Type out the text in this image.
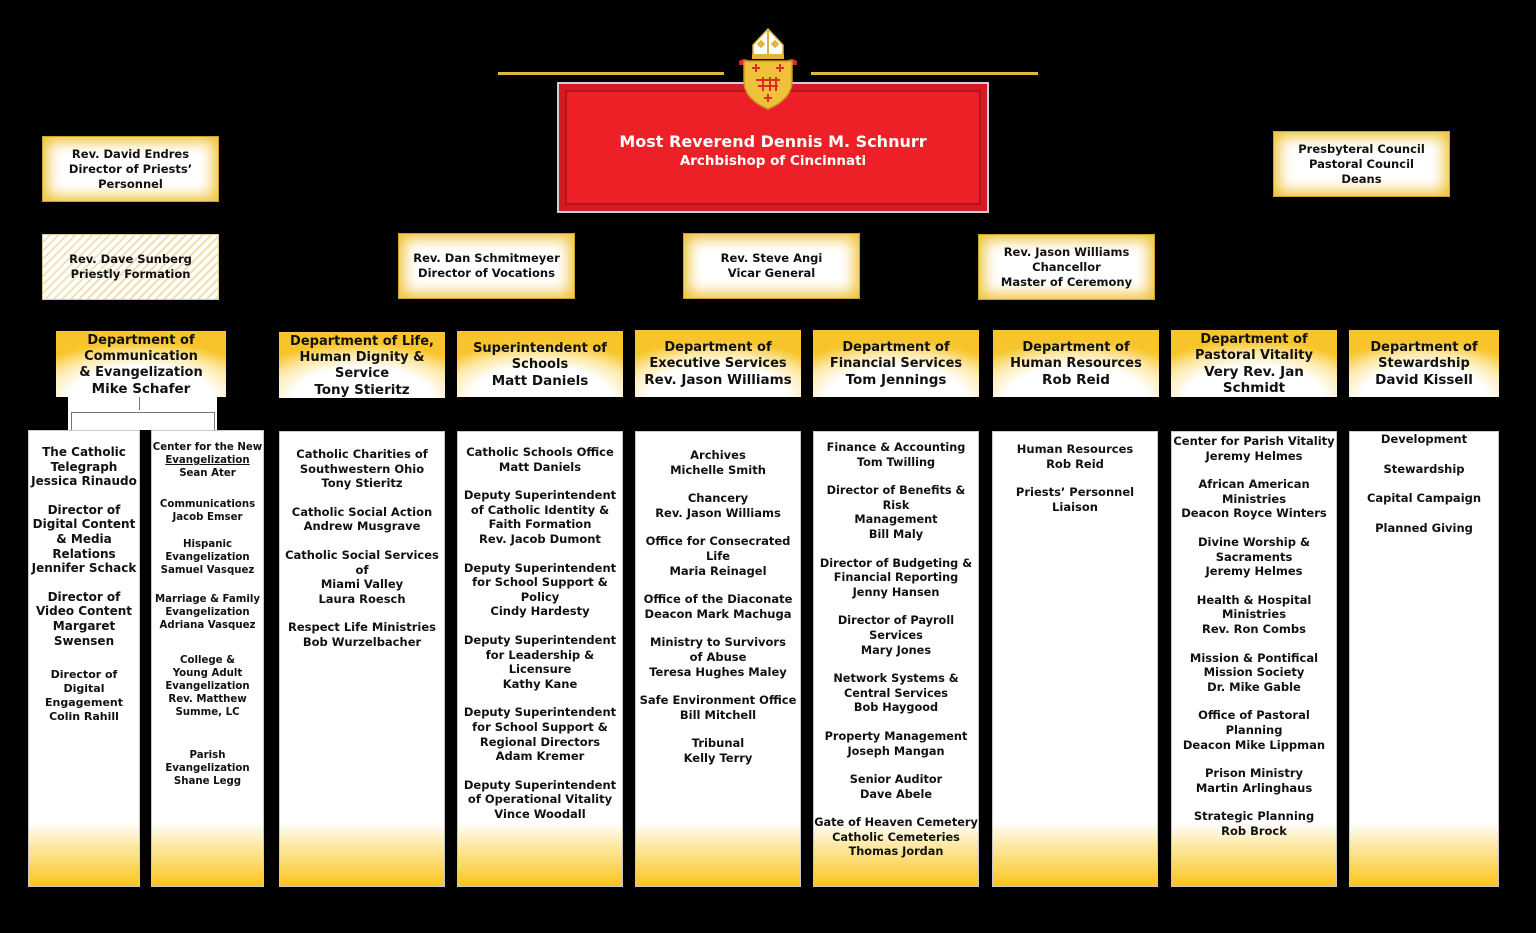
Most Reverend Dennis M. Schnurr
Archbishop of Cincinnati
Rev. David Endres
Director of Priests’
Personnel
Rev. Dave Sunberg
Priestly Formation
Presbyteral Council
Pastoral Council
Deans
Rev. Dan Schmitmeyer
Director of Vocations
Rev. Steve Angi
Vicar General
Rev. Jason Williams
Chancellor
Master of Ceremony
Department of
Communication
& Evangelization
Mike Schafer
Department of Life,
Human Dignity & Service
Tony Stieritz
Superintendent of
Schools
Matt Daniels
Department of
Executive Services
Rev. Jason Williams
Department of
Financial Services
Tom Jennings
Department of
Human Resources
Rob Reid
Department of
Pastoral Vitality
Very Rev. Jan Schmidt
Department of
Stewardship
David Kissell
The Catholic
Telegraph
Jessica Rinaudo
Director of
Digital Content
& Media
Relations
Jennifer Schack
Director of
Video Content
Margaret
Swensen
Director of
Digital
Engagement
Colin Rahill
Center for the New
Evangelization
Sean Ater
Communications
Jacob Emser
Hispanic
Evangelization
Samuel Vasquez
Marriage & Family
Evangelization
Adriana Vasquez
College &
Young Adult
Evangelization
Rev. Matthew
Summe, LC
Parish
Evangelization
Shane Legg
Catholic Charities of
Southwestern Ohio
Tony Stieritz
Catholic Social Action
Andrew Musgrave
Catholic Social Services of
Miami Valley
Laura Roesch
Respect Life Ministries
Bob Wurzelbacher
Catholic Schools Office
Matt Daniels
Deputy Superintendent
of Catholic Identity &
Faith Formation
Rev. Jacob Dumont
Deputy Superintendent
for School Support &
Policy
Cindy Hardesty
Deputy Superintendent
for Leadership &
Licensure
Kathy Kane
Deputy Superintendent
for School Support &
Regional Directors
Adam Kremer
Deputy Superintendent
of Operational Vitality
Vince Woodall
Archives
Michelle Smith
Chancery
Rev. Jason Williams
Office for Consecrated Life
Maria Reinagel
Office of the Diaconate
Deacon Mark Machuga
Ministry to Survivors
of Abuse
Teresa Hughes Maley
Safe Environment Office
Bill Mitchell
Tribunal
Kelly Terry
Finance & Accounting
Tom Twilling
Director of Benefits & Risk
Management
Bill Maly
Director of Budgeting &
Financial Reporting
Jenny Hansen
Director of Payroll Services
Mary Jones
Network Systems &
Central Services
Bob Haygood
Property Management
Joseph Mangan
Senior Auditor
Dave Abele
Gate of Heaven Cemetery
Catholic Cemeteries
Thomas Jordan
Human Resources
Rob Reid
Priests’ Personnel
Liaison
Center for Parish Vitality
Jeremy Helmes
African American
Ministries
Deacon Royce Winters
Divine Worship &
Sacraments
Jeremy Helmes
Health & Hospital
Ministries
Rev. Ron Combs
Mission & Pontifical
Mission Society
Dr. Mike Gable
Office of Pastoral
Planning
Deacon Mike Lippman
Prison Ministry
Martin Arlinghaus
Strategic Planning
Rob Brock
Development
Stewardship
Capital Campaign
Planned Giving
